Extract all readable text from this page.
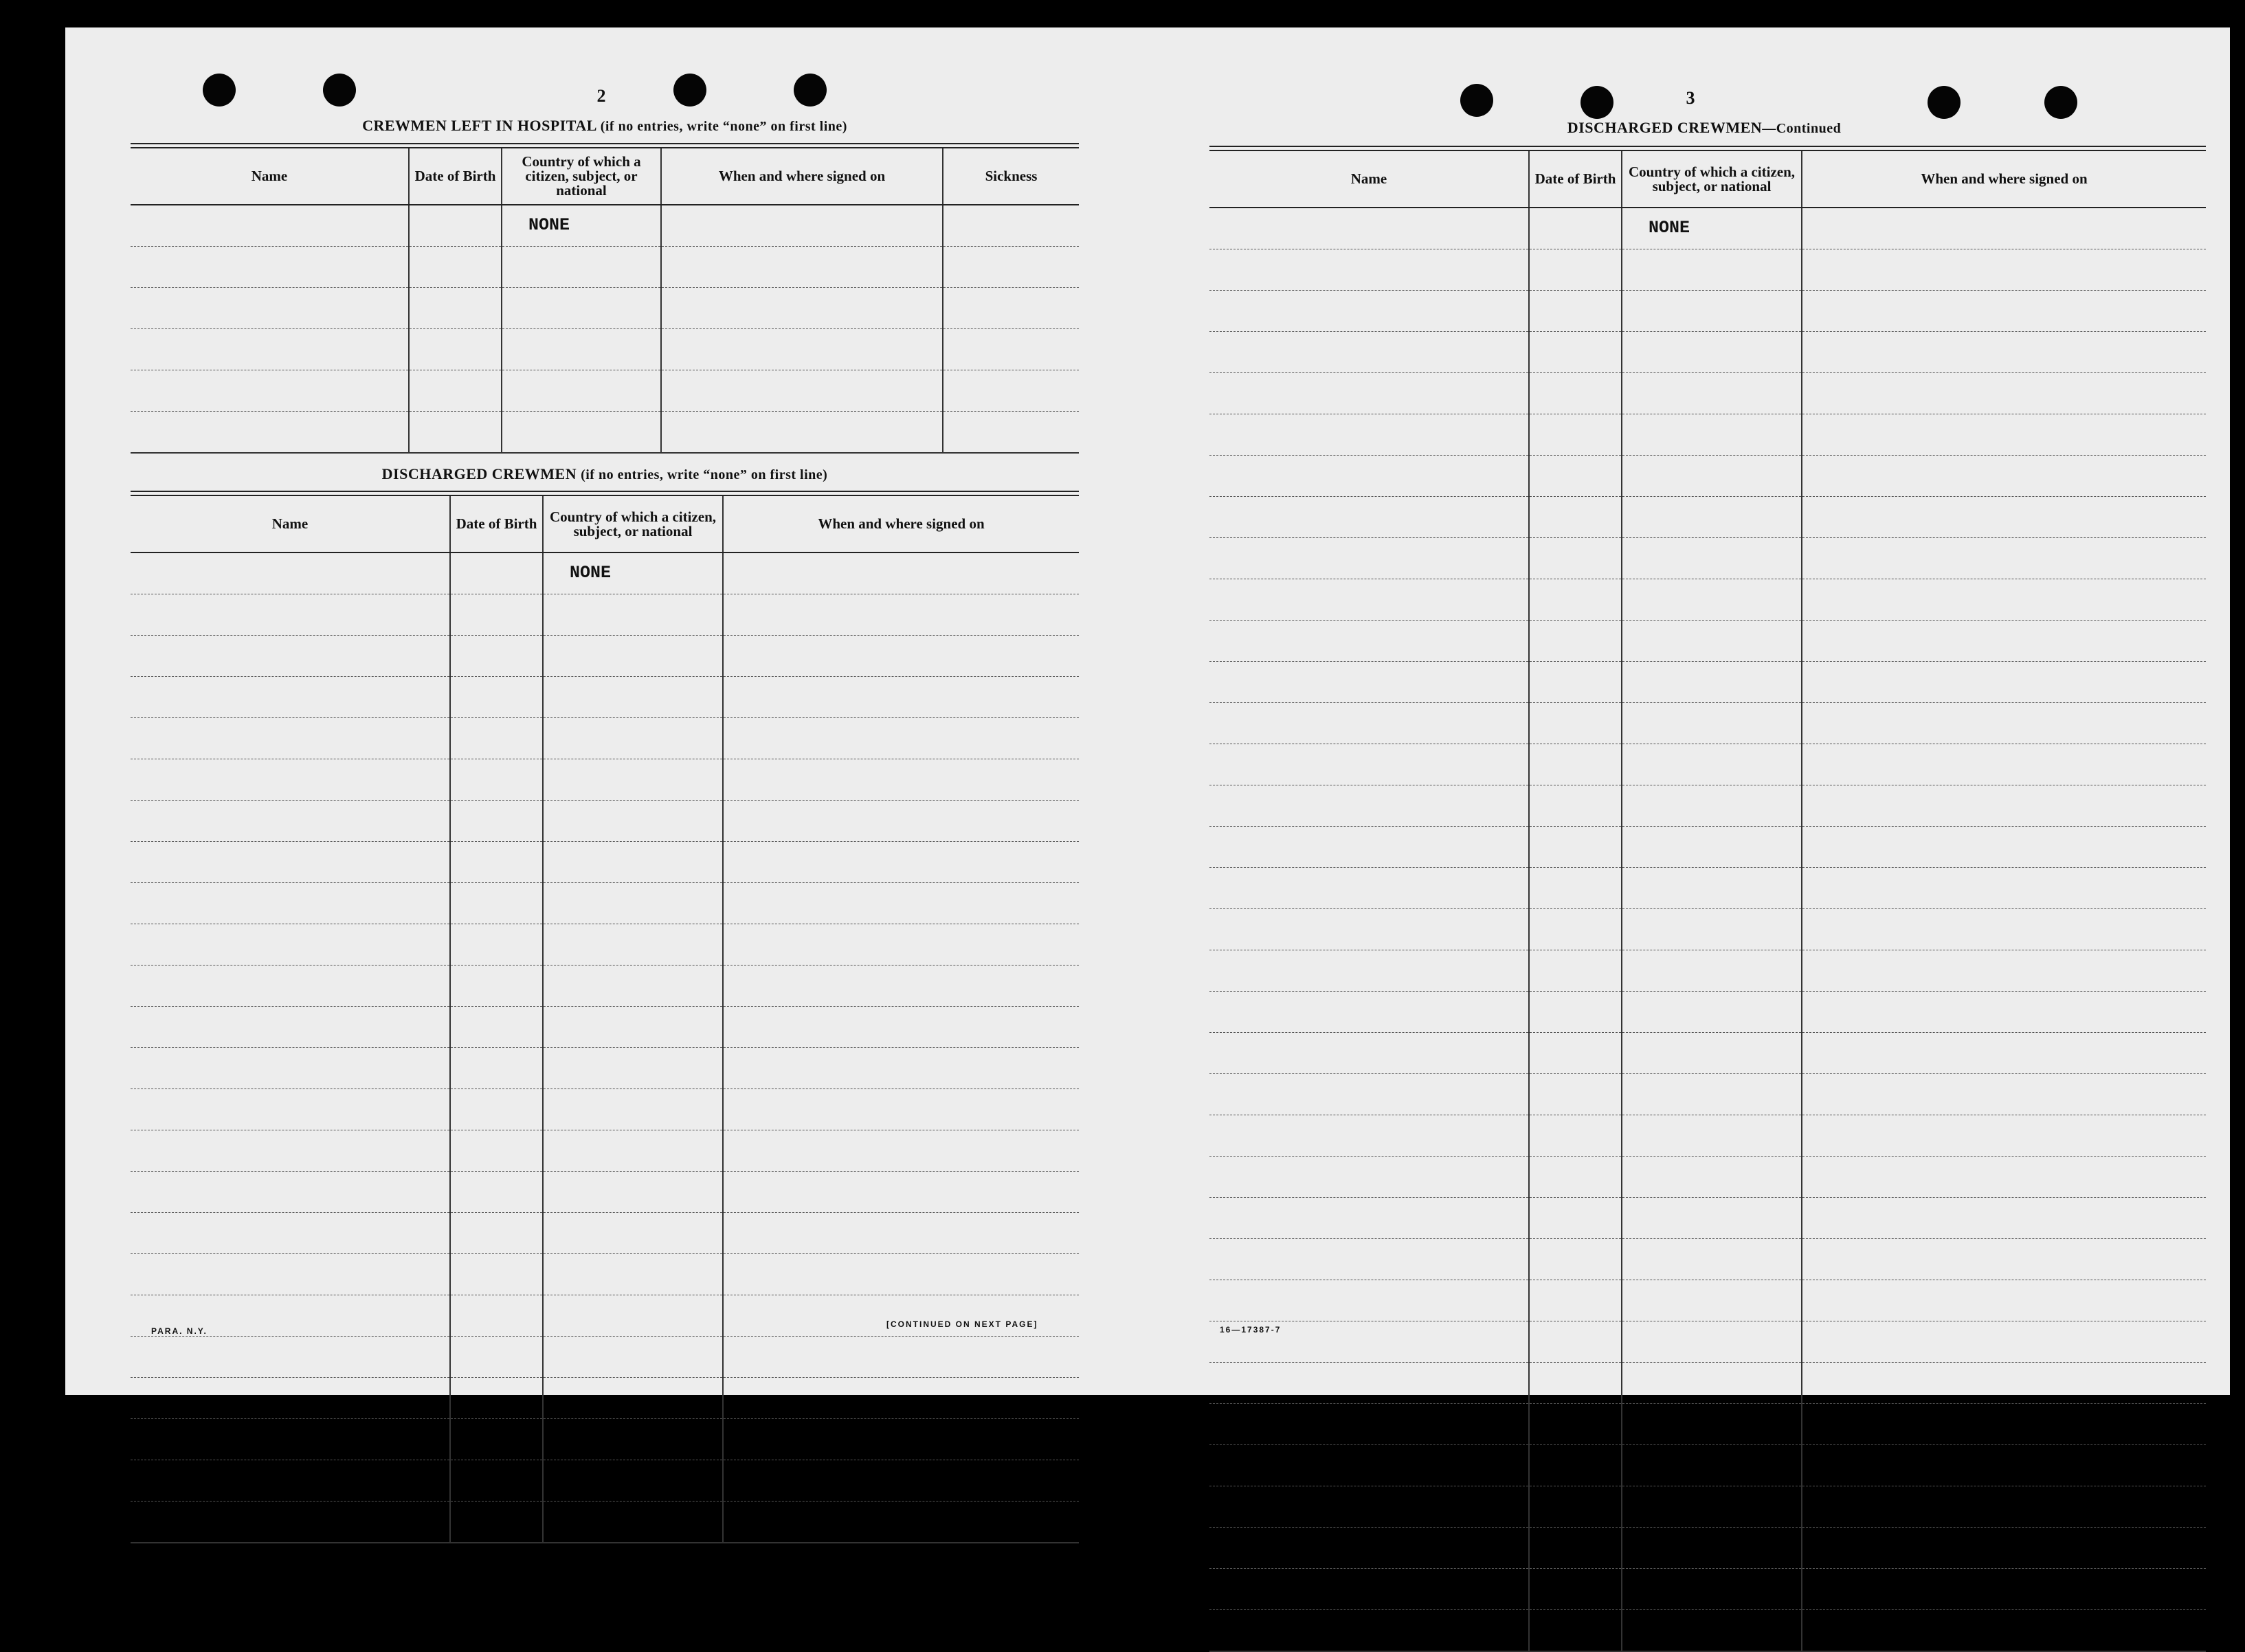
2
CREWMEN LEFT IN HOSPITAL (if no entries, write “none” on first line)
Name	Date of Birth	Country of which a citizen, subject, or national	When and where signed on	Sickness
		NONE		

DISCHARGED CREWMEN (if no entries, write “none” on first line)
Name	Date of Birth	Country of which a citizen, subject, or national	When and where signed on
		NONE	

PARA. N.Y.
[CONTINUED ON NEXT PAGE]
3
DISCHARGED CREWMEN—Continued
Name	Date of Birth	Country of which a citizen, subject, or national	When and where signed on
		NONE	

16—17387-7
